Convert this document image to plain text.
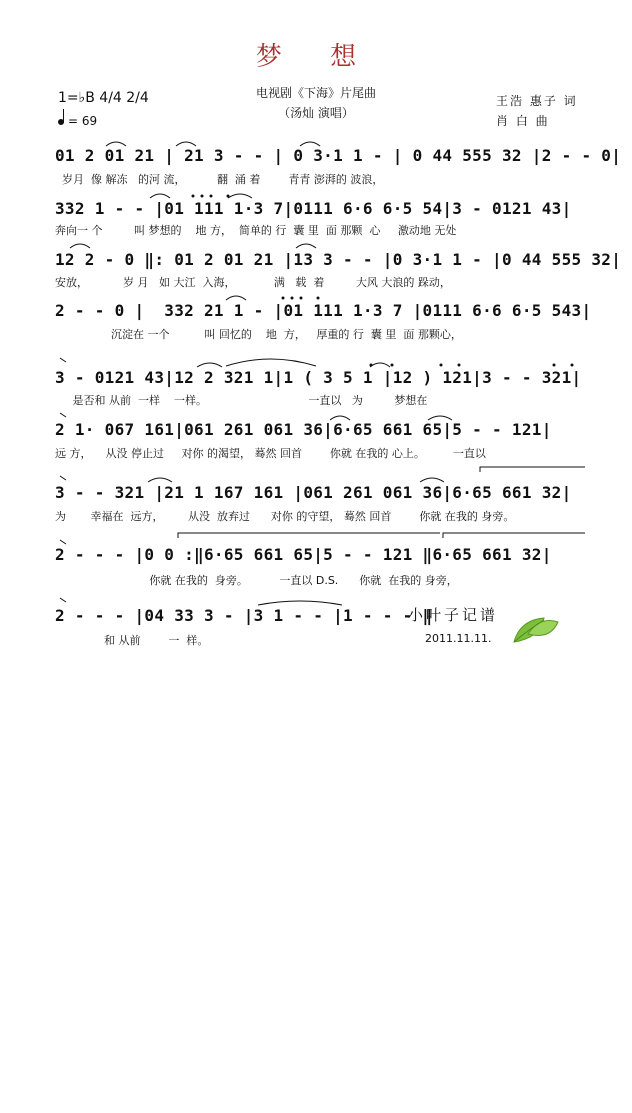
梦 想
1=♭B 4/4 2/4
= 69
电视剧《下海》片尾曲
（汤灿 演唱）
王浩 惠子 词
肖 白 曲
01 2 01 21 | 21 3 - - | 0 3·1 1 - | 0 44 555 32 |2 - - 0|
岁月  像 解冻   的河 流，         翻  涌 着        青青 澎湃的 波浪，
332 1 - - |01 111 1·3 7|0111 6·6 6·5 54|3 - 0121 43|
奔向一 个         叫 梦想的    地 方，  简单的 行  囊 里  面 那颗  心     激动地 无处
12 2 - 0 ‖: 01 2 01 21 |13 3 - - |0 3·1 1 - |0 44 555 32|
安放，          岁 月   如 大江  入海，           满   载  着         大风 大浪的 跺动，
2 - - 0 |  332 21 1 - |01 111 1·3 7 |0111 6·6 6·5 543|
沉淀在 一个          叫 回忆的    地  方，   厚重的 行  囊 里  面 那颗心，
3 - 0121 43|12 2 321 1|1 ( 3 5 1 |12 ) 121|3 - - 321|
是否和 从前  一样    一样。                             一直以   为         梦想在
2 1· 067 161|061 261 061 36|6·65 661 65|5 - - 121|
远 方，    从没 停止过     对你 的渴望， 蓦然 回首        你就 在我的 心上。        一直以
3 - - 321 |21 1 167 161 |061 261 061 36|6·65 661 32|
为       幸福在  远方，       从没  放弃过      对你 的守望， 蓦然 回首        你就 在我的 身旁。
2 - - - |0 0 :‖6·65 661 65|5 - - 121 ‖6·65 661 32|
你就 在我的  身旁。         一直以 D.S.      你就  在我的 身旁，
2 - - - |04 33 3 - |3 1 - - |1 - - - ‖
和 从前        一  样。
小叶子记谱
2011.11.11.
